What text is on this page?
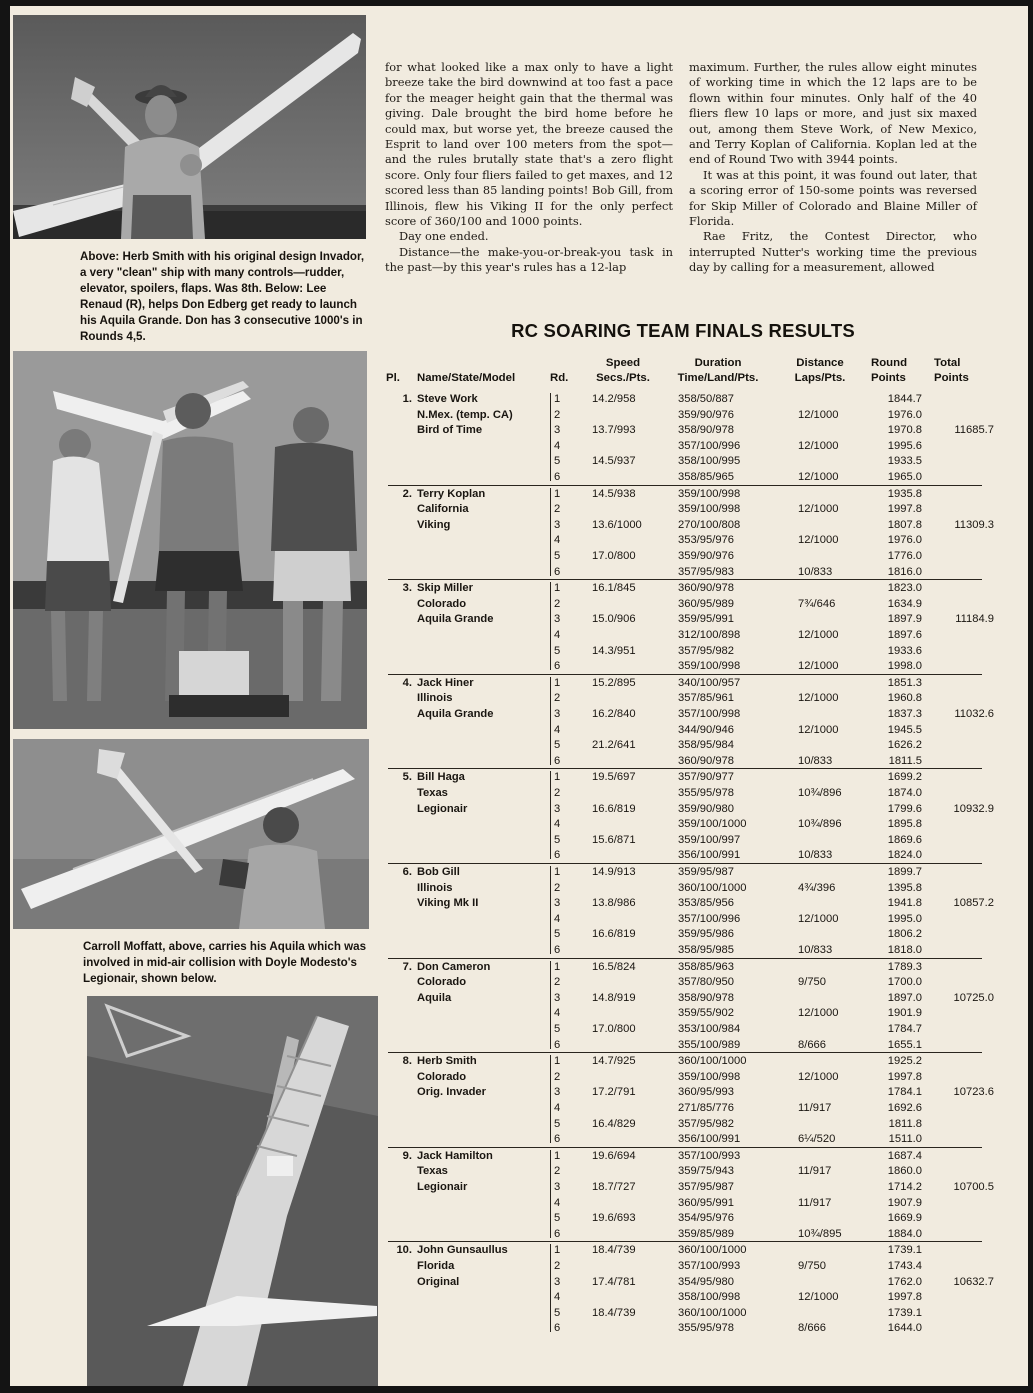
Above: Herb Smith with his original design Invador, a very "clean" ship with many controls—rudder, elevator, spoilers, flaps. Was 8th. Below: Lee Renaud (R), helps Don Edberg get ready to launch his Aquila Grande. Don has 3 consecutive 1000's in Rounds 4,5.
Carroll Moffatt, above, carries his Aquila which was involved in mid-air collision with Doyle Modesto's Legionair, shown below.

for what looked like a max only to have a light breeze take the bird downwind at too fast a pace for the meager height gain that the thermal was giving. Dale brought the bird home before he could max, but worse yet, the breeze caused the Esprit to land over 100 meters from the spot—and the rules brutally state that's a zero flight score. Only four fliers failed to get maxes, and 12 scored less than 85 landing points! Bob Gill, from Illinois, flew his Viking II for the only perfect score of 360/100 and 1000 points.

Day one ended.

Distance—the make-you-or-break-you task in the past—by this year's rules has a 12-lap

maximum. Further, the rules allow eight minutes of working time in which the 12 laps are to be flown within four minutes. Only half of the 40 fliers flew 10 laps or more, and just six maxed out, among them Steve Work, of New Mexico, and Terry Koplan of California. Koplan led at the end of Round Two with 3944 points.

It was at this point, it was found out later, that a scoring error of 150-some points was reversed for Skip Miller of Colorado and Blaine Miller of Florida.

Rae Fritz, the Contest Director, who interrupted Nutter's working time the previous day by calling for a measurement, allowed

RC SOARING TEAM FINALS RESULTS
Pl.	Name/State/Model	Rd.
Speed
Secs./Pts.
Duration
Time/Land/Pts.
Distance
Laps/Pts.
Round
Points
Total
Points
1. Steve Work
N.Mex. (temp. CA)
Bird of Time
1
2
3
4
5
6
14.2/958
13.7/993
14.5/937
358/50/887
359/90/976
358/90/978
357/100/996
358/100/995
358/85/965
12/1000
12/1000
12/1000
1844.7
1976.0
1970.8
1995.6
1933.5
1965.0
11685.7
2. Terry Koplan
California
Viking
1
2
3
4
5
6
14.5/938
13.6/1000
17.0/800
359/100/998
359/100/998
270/100/808
353/95/976
359/90/976
357/95/983
12/1000
12/1000
10/833
1935.8
1997.8
1807.8
1976.0
1776.0
1816.0
11309.3
3. Skip Miller
Colorado
Aquila Grande
1
2
3
4
5
6
16.1/845
15.0/906
14.3/951
360/90/978
360/95/989
359/95/991
312/100/898
357/95/982
359/100/998
7¾/646
12/1000
12/1000
1823.0
1634.9
1897.9
1897.6
1933.6
1998.0
11184.9
4. Jack Hiner
Illinois
Aquila Grande
1
2
3
4
5
6
15.2/895
16.2/840
21.2/641
340/100/957
357/85/961
357/100/998
344/90/946
358/95/984
360/90/978
12/1000
12/1000
10/833
1851.3
1960.8
1837.3
1945.5
1626.2
1811.5
11032.6
5. Bill Haga
Texas
Legionair
1
2
3
4
5
6
19.5/697
16.6/819
15.6/871
357/90/977
355/95/978
359/90/980
359/100/1000
359/100/997
356/100/991
10¾/896
10¾/896
10/833
1699.2
1874.0
1799.6
1895.8
1869.6
1824.0
10932.9
6. Bob Gill
Illinois
Viking Mk II
1
2
3
4
5
6
14.9/913
13.8/986
16.6/819
359/95/987
360/100/1000
353/85/956
357/100/996
359/95/986
358/95/985
4¾/396
12/1000
10/833
1899.7
1395.8
1941.8
1995.0
1806.2
1818.0
10857.2
7. Don Cameron
Colorado
Aquila
1
2
3
4
5
6
16.5/824
14.8/919
17.0/800
358/85/963
357/80/950
358/90/978
359/55/902
353/100/984
355/100/989
9/750
12/1000
8/666
1789.3
1700.0
1897.0
1901.9
1784.7
1655.1
10725.0
8. Herb Smith
Colorado
Orig. Invader
1
2
3
4
5
6
14.7/925
17.2/791
16.4/829
360/100/1000
359/100/998
360/95/993
271/85/776
357/95/982
356/100/991
12/1000
11/917
6¼/520
1925.2
1997.8
1784.1
1692.6
1811.8
1511.0
10723.6
9. Jack Hamilton
Texas
Legionair
1
2
3
4
5
6
19.6/694
18.7/727
19.6/693
357/100/993
359/75/943
357/95/987
360/95/991
354/95/976
359/85/989
11/917
11/917
10¾/895
1687.4
1860.0
1714.2
1907.9
1669.9
1884.0
10700.5
10. John Gunsaullus
Florida
Original
1
2
3
4
5
6
18.4/739
17.4/781
18.4/739
360/100/1000
357/100/993
354/95/980
358/100/998
360/100/1000
355/95/978
9/750
12/1000
8/666
1739.1
1743.4
1762.0
1997.8
1739.1
1644.0
10632.7
